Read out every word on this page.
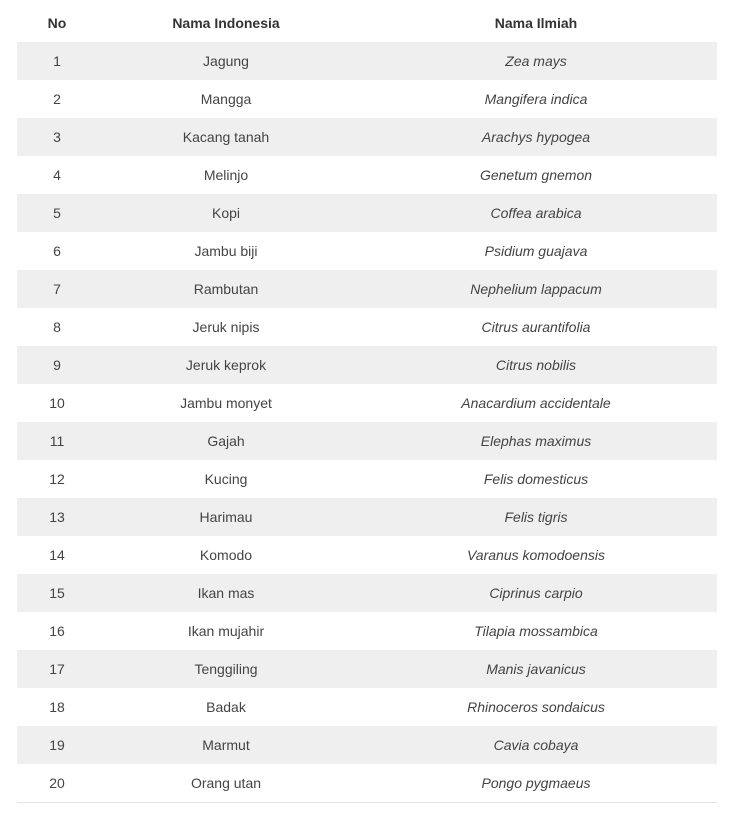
No	Nama Indonesia	Nama Ilmiah
1	Jagung	Zea mays
2	Mangga	Mangifera indica
3	Kacang tanah	Arachys hypogea
4	Melinjo	Genetum gnemon
5	Kopi	Coffea arabica
6	Jambu biji	Psidium guajava
7	Rambutan	Nephelium lappacum
8	Jeruk nipis	Citrus aurantifolia
9	Jeruk keprok	Citrus nobilis
10	Jambu monyet	Anacardium accidentale
11	Gajah	Elephas maximus
12	Kucing	Felis domesticus
13	Harimau	Felis tigris
14	Komodo	Varanus komodoensis
15	Ikan mas	Ciprinus carpio
16	Ikan mujahir	Tilapia mossambica
17	Tenggiling	Manis javanicus
18	Badak	Rhinoceros sondaicus
19	Marmut	Cavia cobaya
20	Orang utan	Pongo pygmaeus
